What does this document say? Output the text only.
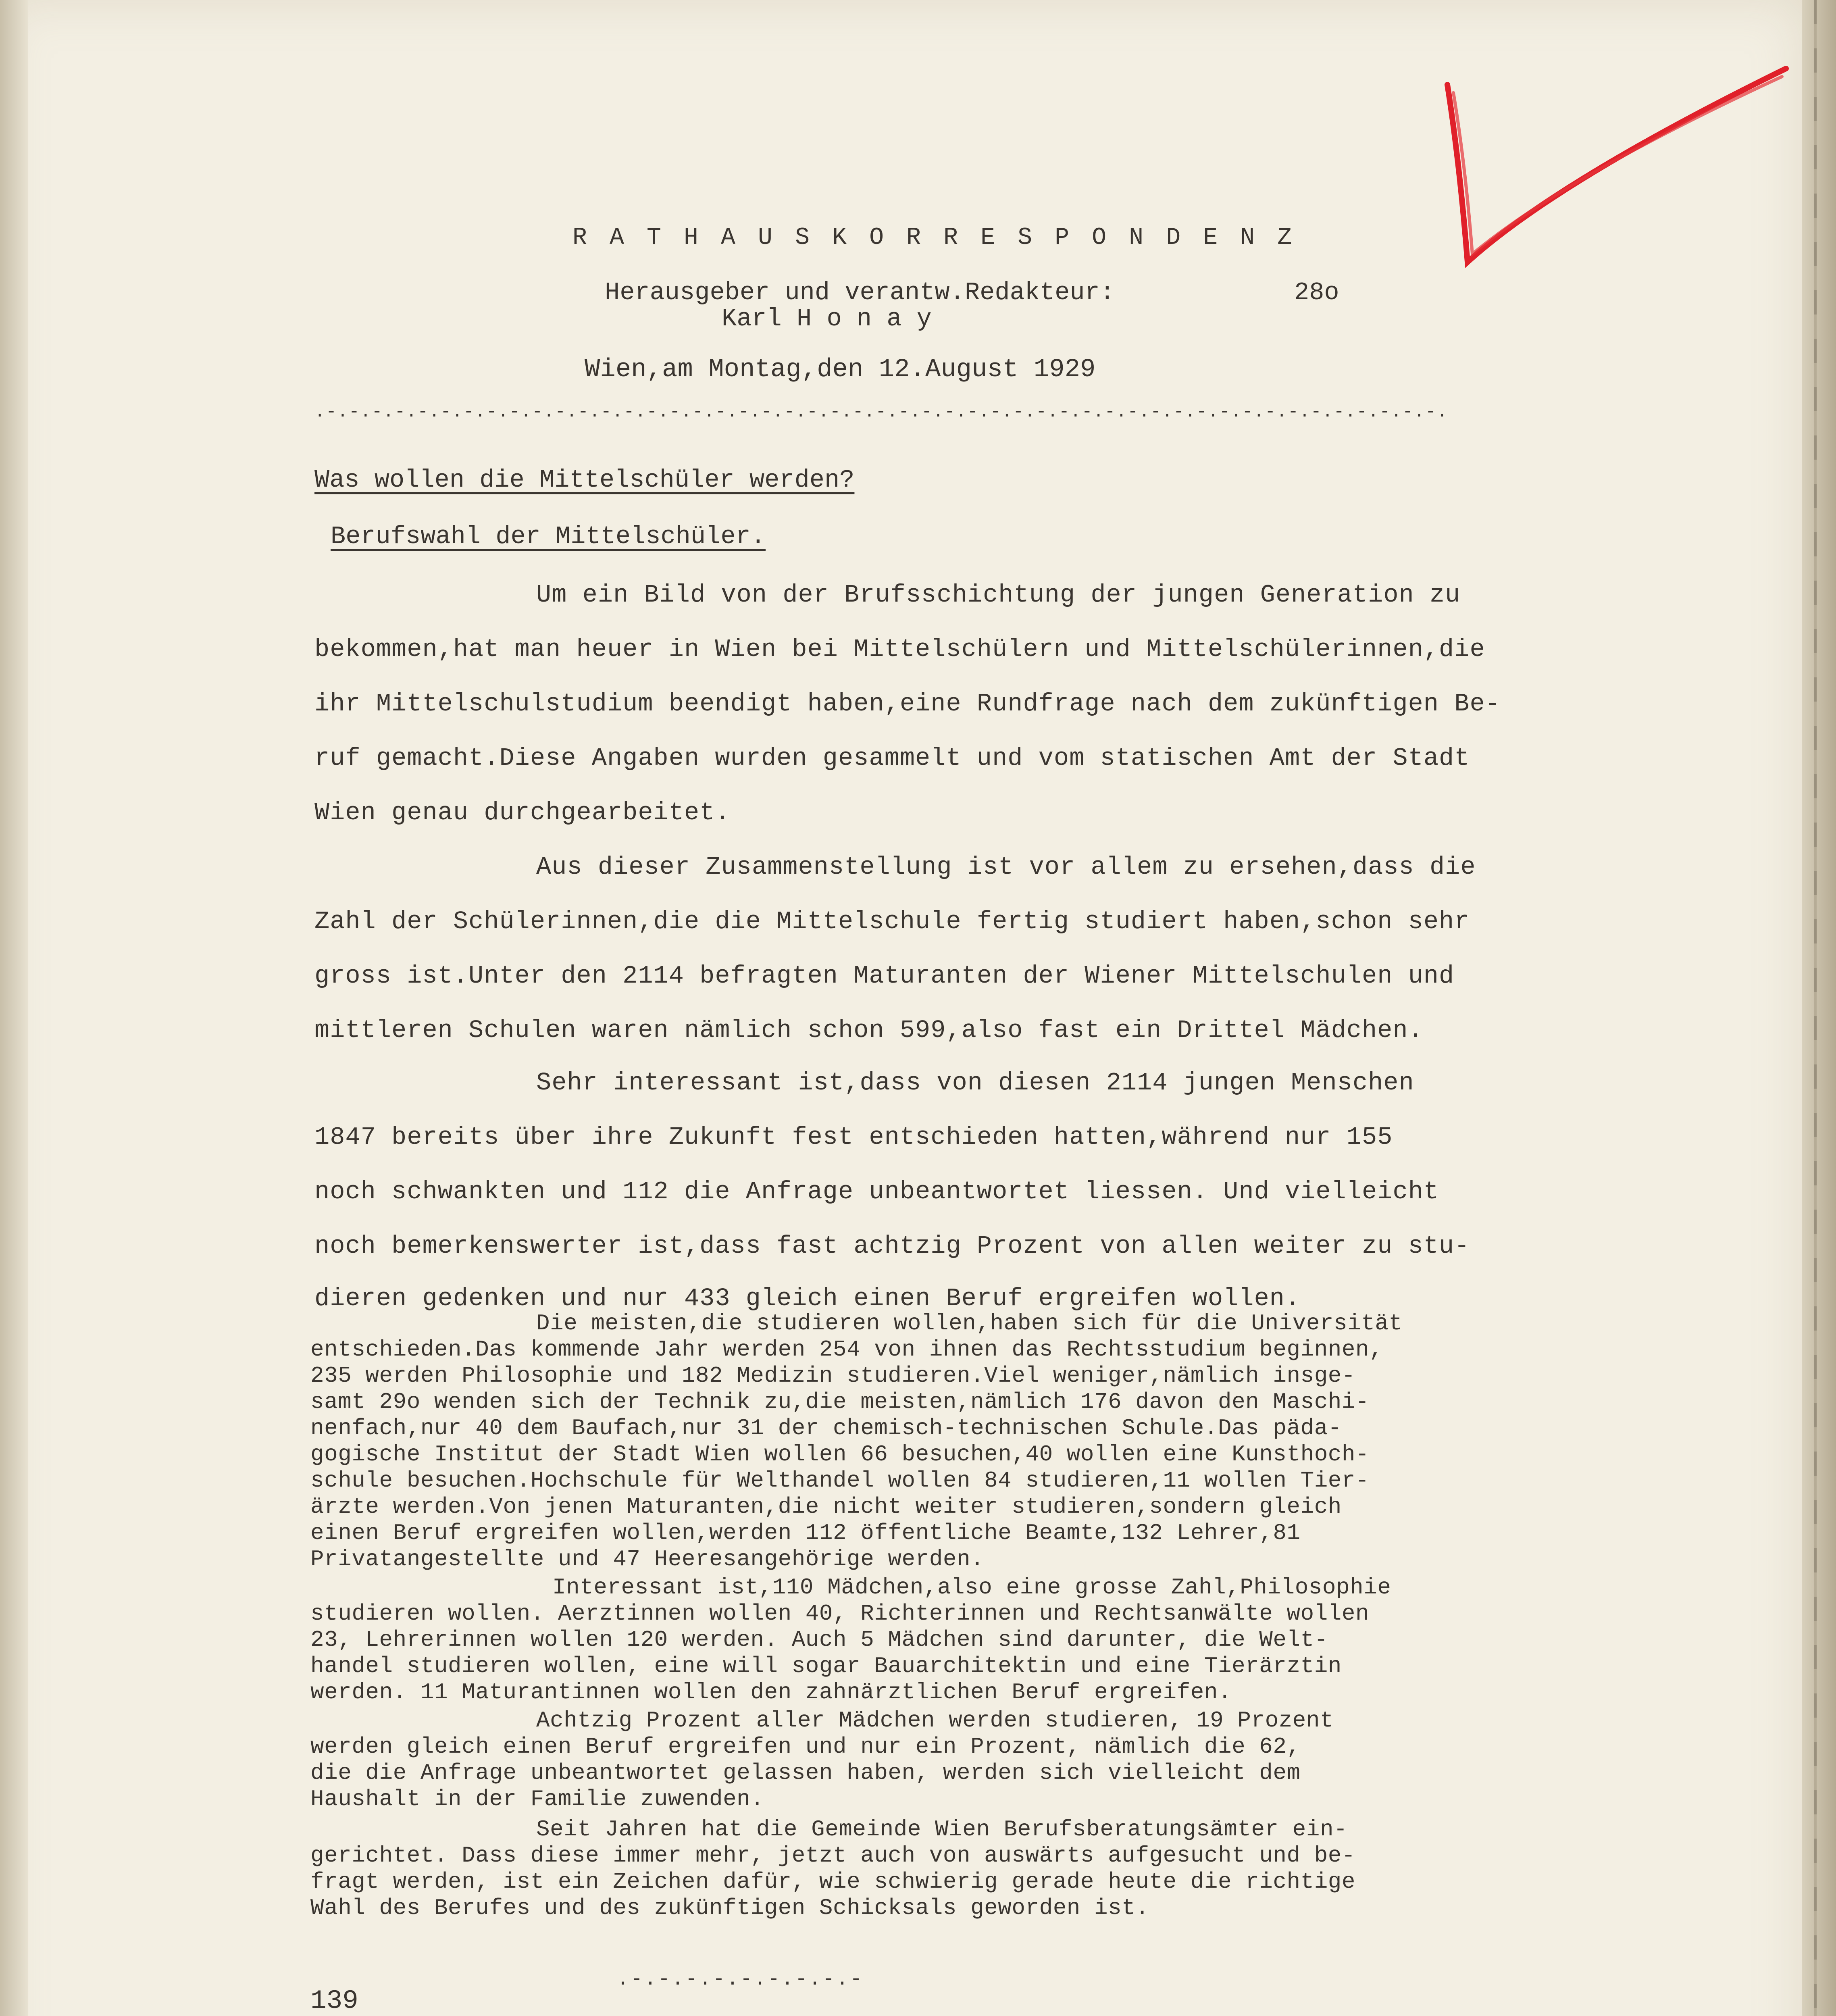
R A T H A U S K O R R E S P O N D E N Z
Herausgeber und verantw.Redakteur:	28o
Karl H o n a y
Wien,am Montag,den 12.August 1929
.-.-.-.-.-.-.-.-.-.-.-.-.-.-.-.-.-.-.-.-.-.-.-.-.-.-.-.-.-.-.-.-.-.-.-.-.-.-.-.-.-.-.-.-.-.-.-.-.-.
Was wollen die Mittelschüler werden?
Berufswahl der Mittelschüler.
Um ein Bild von der Brufsschichtung der jungen Generation zu
bekommen,hat man heuer in Wien bei Mittelschülern und Mittelschülerinnen,die
ihr Mittelschulstudium beendigt haben,eine Rundfrage nach dem zukünftigen Be-
ruf gemacht.Diese Angaben wurden gesammelt und vom statischen Amt der Stadt
Wien genau durchgearbeitet.
Aus dieser Zusammenstellung ist vor allem zu ersehen,dass die
Zahl der Schülerinnen,die die Mittelschule fertig studiert haben,schon sehr
gross ist.Unter den 2114 befragten Maturanten der Wiener Mittelschulen und
mittleren Schulen waren nämlich schon 599,also fast ein Drittel Mädchen.
Sehr interessant ist,dass von diesen 2114 jungen Menschen
1847 bereits über ihre Zukunft fest entschieden hatten,während nur 155
noch schwankten und 112 die Anfrage unbeantwortet liessen. Und vielleicht
noch bemerkenswerter ist,dass fast achtzig Prozent von allen weiter zu stu-
dieren gedenken und nur 433 gleich einen Beruf ergreifen wollen.
Die meisten,die studieren wollen,haben sich für die Universität
entschieden.Das kommende Jahr werden 254 von ihnen das Rechtsstudium beginnen,
235 werden Philosophie und 182 Medizin studieren.Viel weniger,nämlich insge-
samt 29o wenden sich der Technik zu,die meisten,nämlich 176 davon den Maschi-
nenfach,nur 40 dem Baufach,nur 31 der chemisch-technischen Schule.Das päda-
gogische Institut der Stadt Wien wollen 66 besuchen,40 wollen eine Kunsthoch-
schule besuchen.Hochschule für Welthandel wollen 84 studieren,11 wollen Tier-
ärzte werden.Von jenen Maturanten,die nicht weiter studieren,sondern gleich
einen Beruf ergreifen wollen,werden 112 öffentliche Beamte,132 Lehrer,81
Privatangestellte und 47 Heeresangehörige werden.
Interessant ist,110 Mädchen,also eine grosse Zahl,Philosophie
studieren wollen. Aerztinnen wollen 40, Richterinnen und Rechtsanwälte wollen
23, Lehrerinnen wollen 120 werden. Auch 5 Mädchen sind darunter, die Welt-
handel studieren wollen, eine will sogar Bauarchitektin und eine Tierärztin
werden. 11 Maturantinnen wollen den zahnärztlichen Beruf ergreifen.
Achtzig Prozent aller Mädchen werden studieren, 19 Prozent
werden gleich einen Beruf ergreifen und nur ein Prozent, nämlich die 62,
die die Anfrage unbeantwortet gelassen haben, werden sich vielleicht dem
Haushalt in der Familie zuwenden.
Seit Jahren hat die Gemeinde Wien Berufsberatungsämter ein-
gerichtet. Dass diese immer mehr, jetzt auch von auswärts aufgesucht und be-
fragt werden, ist ein Zeichen dafür, wie schwierig gerade heute die richtige
Wahl des Berufes und des zukünftigen Schicksals geworden ist.
.-.-.-.-.-.-.-.-.-
139
